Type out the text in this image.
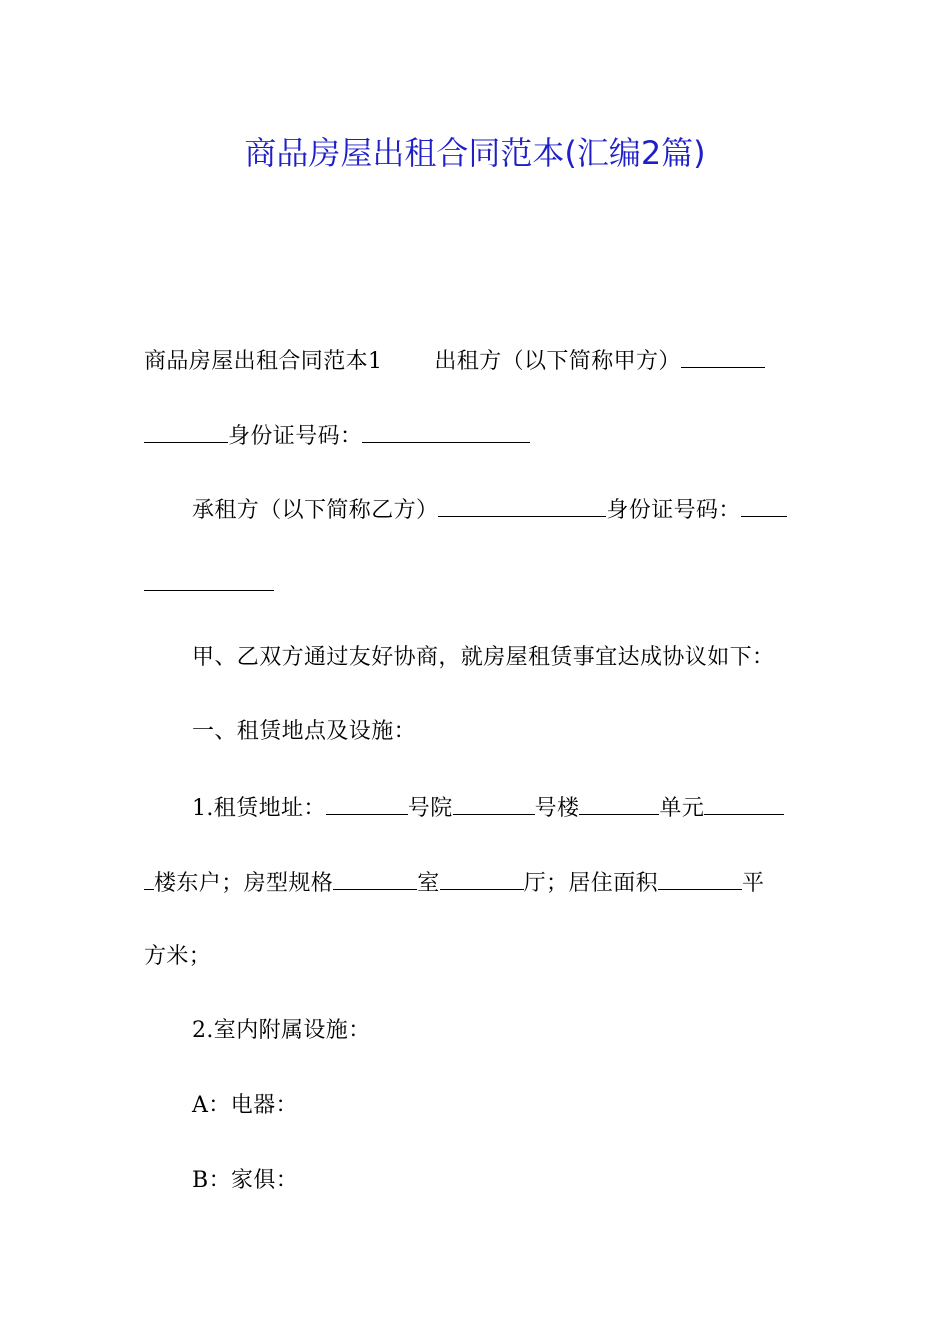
商品房屋出租合同范本(汇编2篇)
商品房屋出租合同范本1 出租方（以下简称甲方）
身份证号码：
承租方（以下简称乙方）	身份证号码：
甲、乙双方通过友好协商，就房屋租赁事宜达成协议如下：
一、租赁地点及设施：
1.租赁地址：	号院	号楼	单元
楼东户；房型规格	室	厅；居住面积	平
方米；
2.室内附属设施：
A：电器：
B：家俱：
